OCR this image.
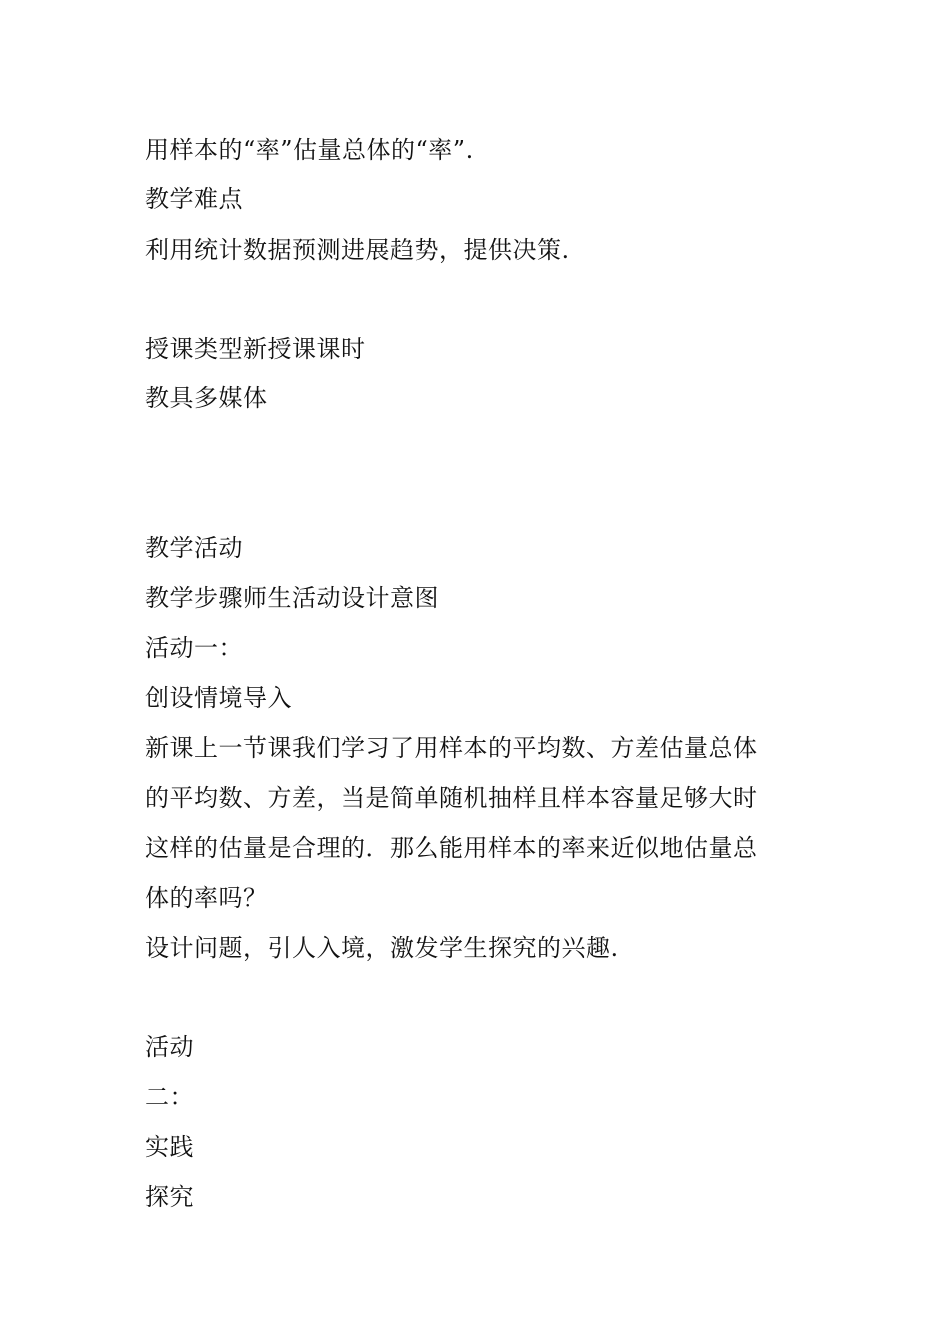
用样本的“率”估量总体的“率”.
教学难点
利用统计数据预测进展趋势，提供决策.
授课类型新授课课时
教具多媒体
教学活动
教学步骤师生活动设计意图
活动一：
创设情境导入
新课上一节课我们学习了用样本的平均数、方差估量总体
的平均数、方差，当是简单随机抽样且样本容量足够大时
这样的估量是合理的．那么能用样本的率来近似地估量总
体的率吗？
设计问题，引人入境，激发学生探究的兴趣.
活动
二：
实践
探究
